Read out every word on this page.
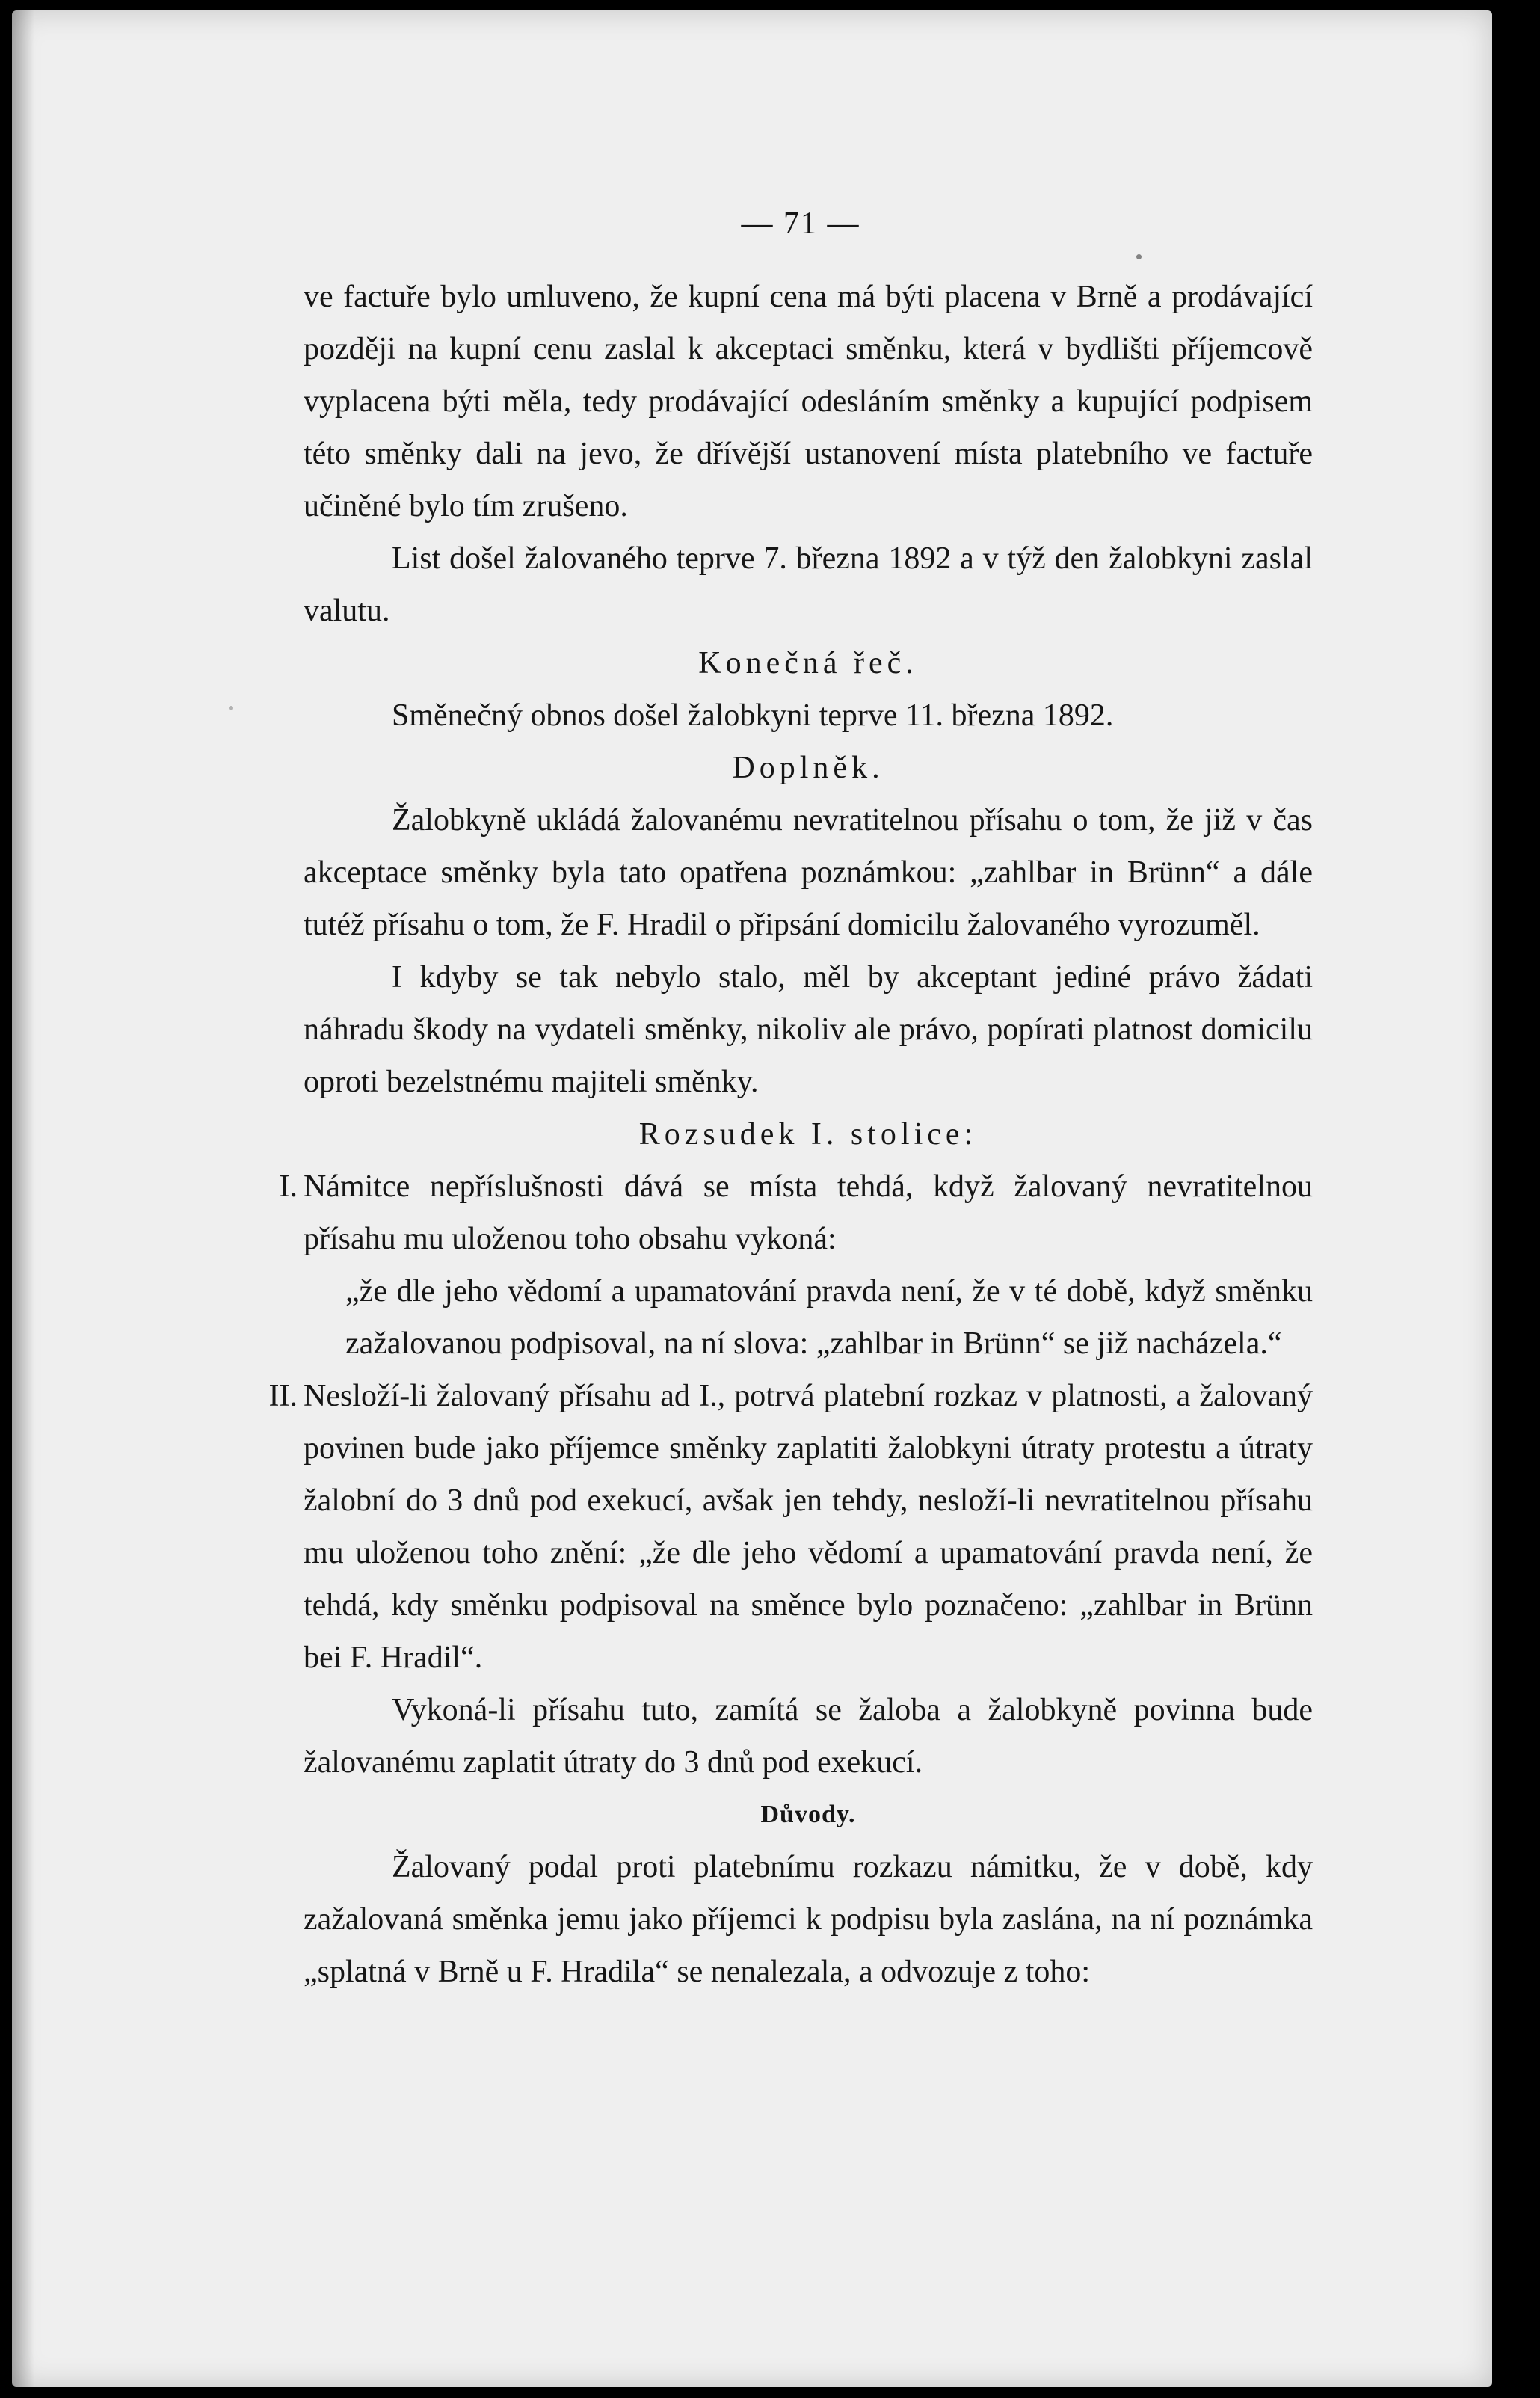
— 71 —

ve factuře bylo umluveno, že kupní cena má býti placena v Brně a prodávající později na kupní cenu zaslal k akceptaci směnku, která v bydlišti příjemcově vyplacena býti měla, tedy prodávající odesláním směnky a kupující podpisem této směnky dali na jevo, že dřívější ustanovení místa platebního ve factuře učiněné bylo tím zrušeno.

List došel žalovaného teprve 7. března 1892 a v týž den žalobkyni zaslal valutu.

Konečná řeč.

Směnečný obnos došel žalobkyni teprve 11. března 1892.

Doplněk.

Žalobkyně ukládá žalovanému nevratitelnou přísahu o tom, že již v čas akceptace směnky byla tato opatřena poznámkou: „zahlbar in Brünn“ a dále tutéž přísahu o tom, že F. Hradil o připsání domicilu žalovaného vyrozuměl.

I kdyby se tak nebylo stalo, měl by akceptant jediné právo žádati náhradu škody na vydateli směnky, nikoliv ale právo, popírati platnost domicilu oproti bezelstnému majiteli směnky.

Rozsudek I. stolice:
I. Námitce nepříslušnosti dává se místa tehdá, když žalovaný nevratitelnou přísahu mu uloženou toho obsahu vykoná:

„že dle jeho vědomí a upamatování pravda není, že v té době, když směnku zažalovanou podpisoval, na ní slova: „zahlbar in Brünn“ se již nacházela.“

II. Nesloží-li žalovaný přísahu ad I., potrvá platební rozkaz v platnosti, a žalovaný povinen bude jako příjemce směnky zaplatiti žalobkyni útraty protestu a útraty žalobní do 3 dnů pod exekucí, avšak jen tehdy, nesloží-li nevratitelnou přísahu mu uloženou toho znění: „že dle jeho vědomí a upamatování pravda není, že tehdá, kdy směnku podpisoval na směnce bylo poznačeno: „zahlbar in Brünn bei F. Hradil“.

Vykoná-li přísahu tuto, zamítá se žaloba a žalobkyně povinna bude žalovanému zaplatit útraty do 3 dnů pod exekucí.

Důvody.

Žalovaný podal proti platebnímu rozkazu námitku, že v době, kdy zažalovaná směnka jemu jako příjemci k podpisu byla zaslána, na ní poznámka „splatná v Brně u F. Hradila“ se nenalezala, a odvozuje z toho:
